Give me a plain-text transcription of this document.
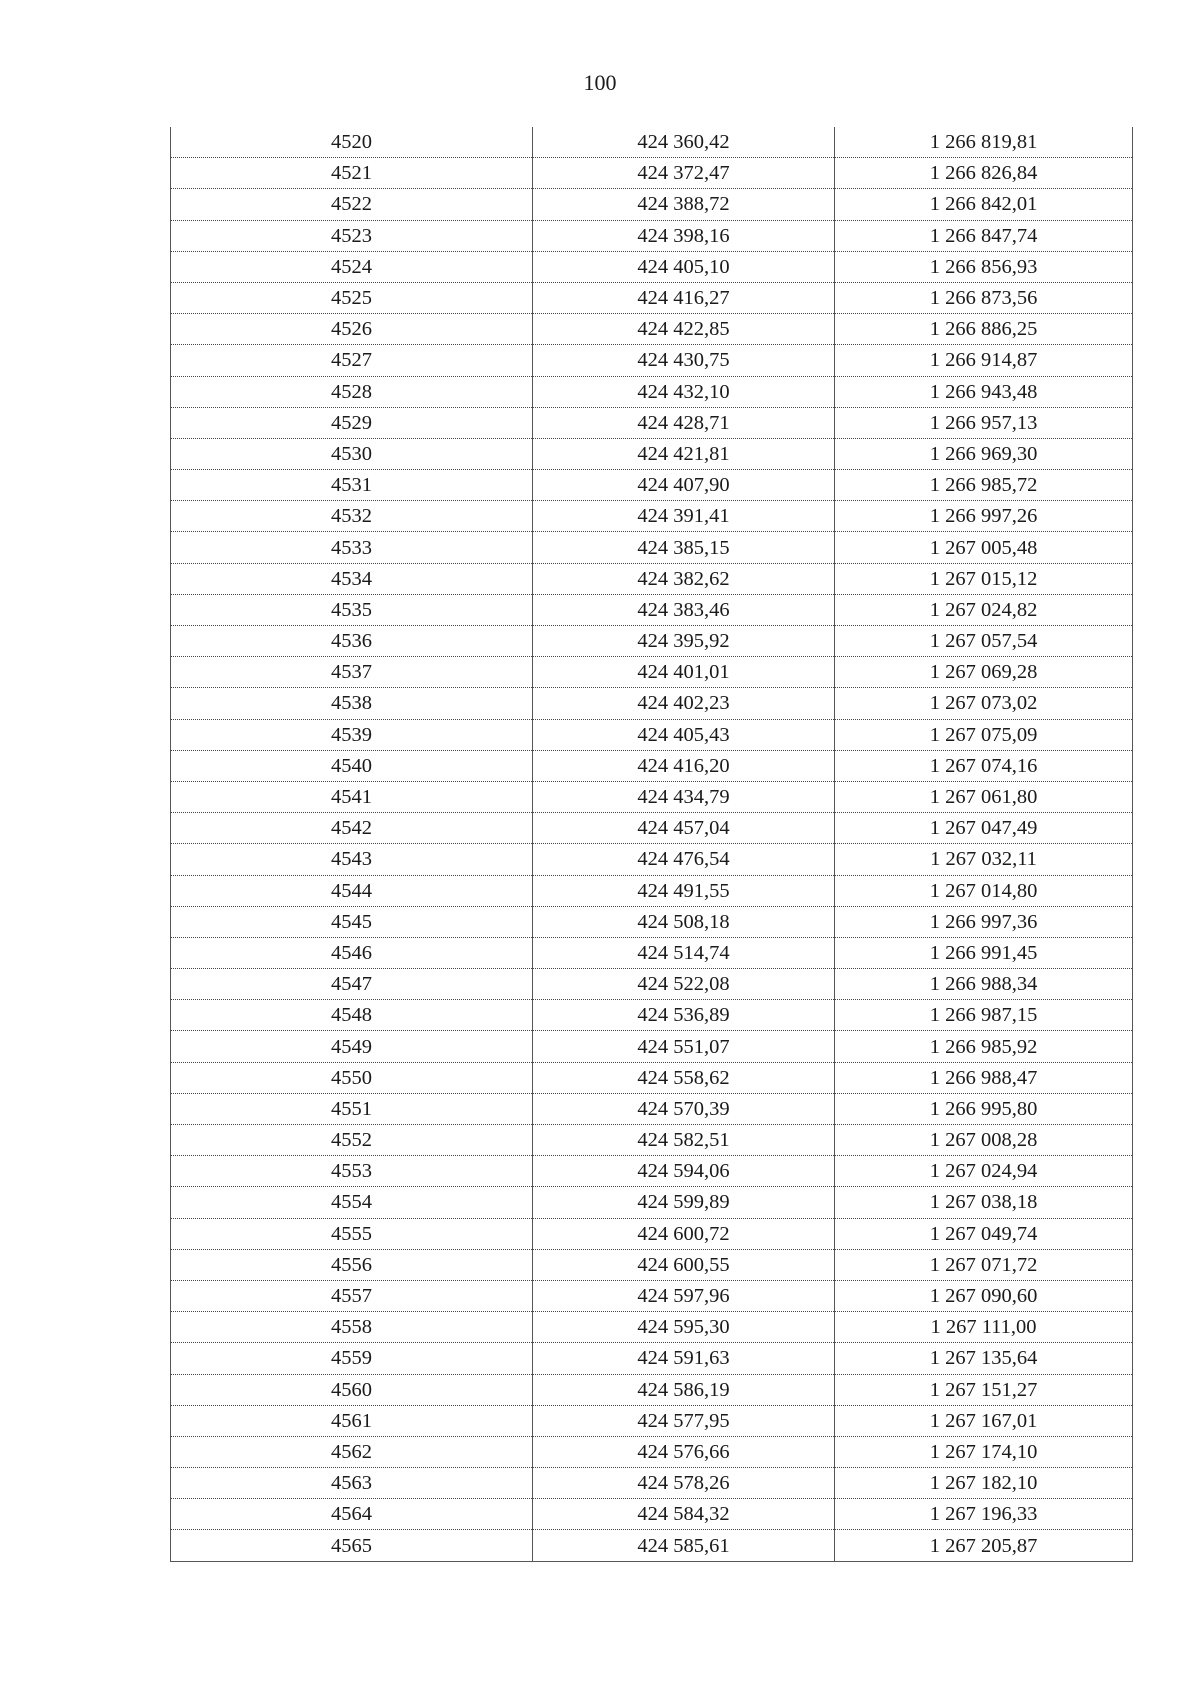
100
4520	424 360,42	1 266 819,81
4521	424 372,47	1 266 826,84
4522	424 388,72	1 266 842,01
4523	424 398,16	1 266 847,74
4524	424 405,10	1 266 856,93
4525	424 416,27	1 266 873,56
4526	424 422,85	1 266 886,25
4527	424 430,75	1 266 914,87
4528	424 432,10	1 266 943,48
4529	424 428,71	1 266 957,13
4530	424 421,81	1 266 969,30
4531	424 407,90	1 266 985,72
4532	424 391,41	1 266 997,26
4533	424 385,15	1 267 005,48
4534	424 382,62	1 267 015,12
4535	424 383,46	1 267 024,82
4536	424 395,92	1 267 057,54
4537	424 401,01	1 267 069,28
4538	424 402,23	1 267 073,02
4539	424 405,43	1 267 075,09
4540	424 416,20	1 267 074,16
4541	424 434,79	1 267 061,80
4542	424 457,04	1 267 047,49
4543	424 476,54	1 267 032,11
4544	424 491,55	1 267 014,80
4545	424 508,18	1 266 997,36
4546	424 514,74	1 266 991,45
4547	424 522,08	1 266 988,34
4548	424 536,89	1 266 987,15
4549	424 551,07	1 266 985,92
4550	424 558,62	1 266 988,47
4551	424 570,39	1 266 995,80
4552	424 582,51	1 267 008,28
4553	424 594,06	1 267 024,94
4554	424 599,89	1 267 038,18
4555	424 600,72	1 267 049,74
4556	424 600,55	1 267 071,72
4557	424 597,96	1 267 090,60
4558	424 595,30	1 267 111,00
4559	424 591,63	1 267 135,64
4560	424 586,19	1 267 151,27
4561	424 577,95	1 267 167,01
4562	424 576,66	1 267 174,10
4563	424 578,26	1 267 182,10
4564	424 584,32	1 267 196,33
4565	424 585,61	1 267 205,87
